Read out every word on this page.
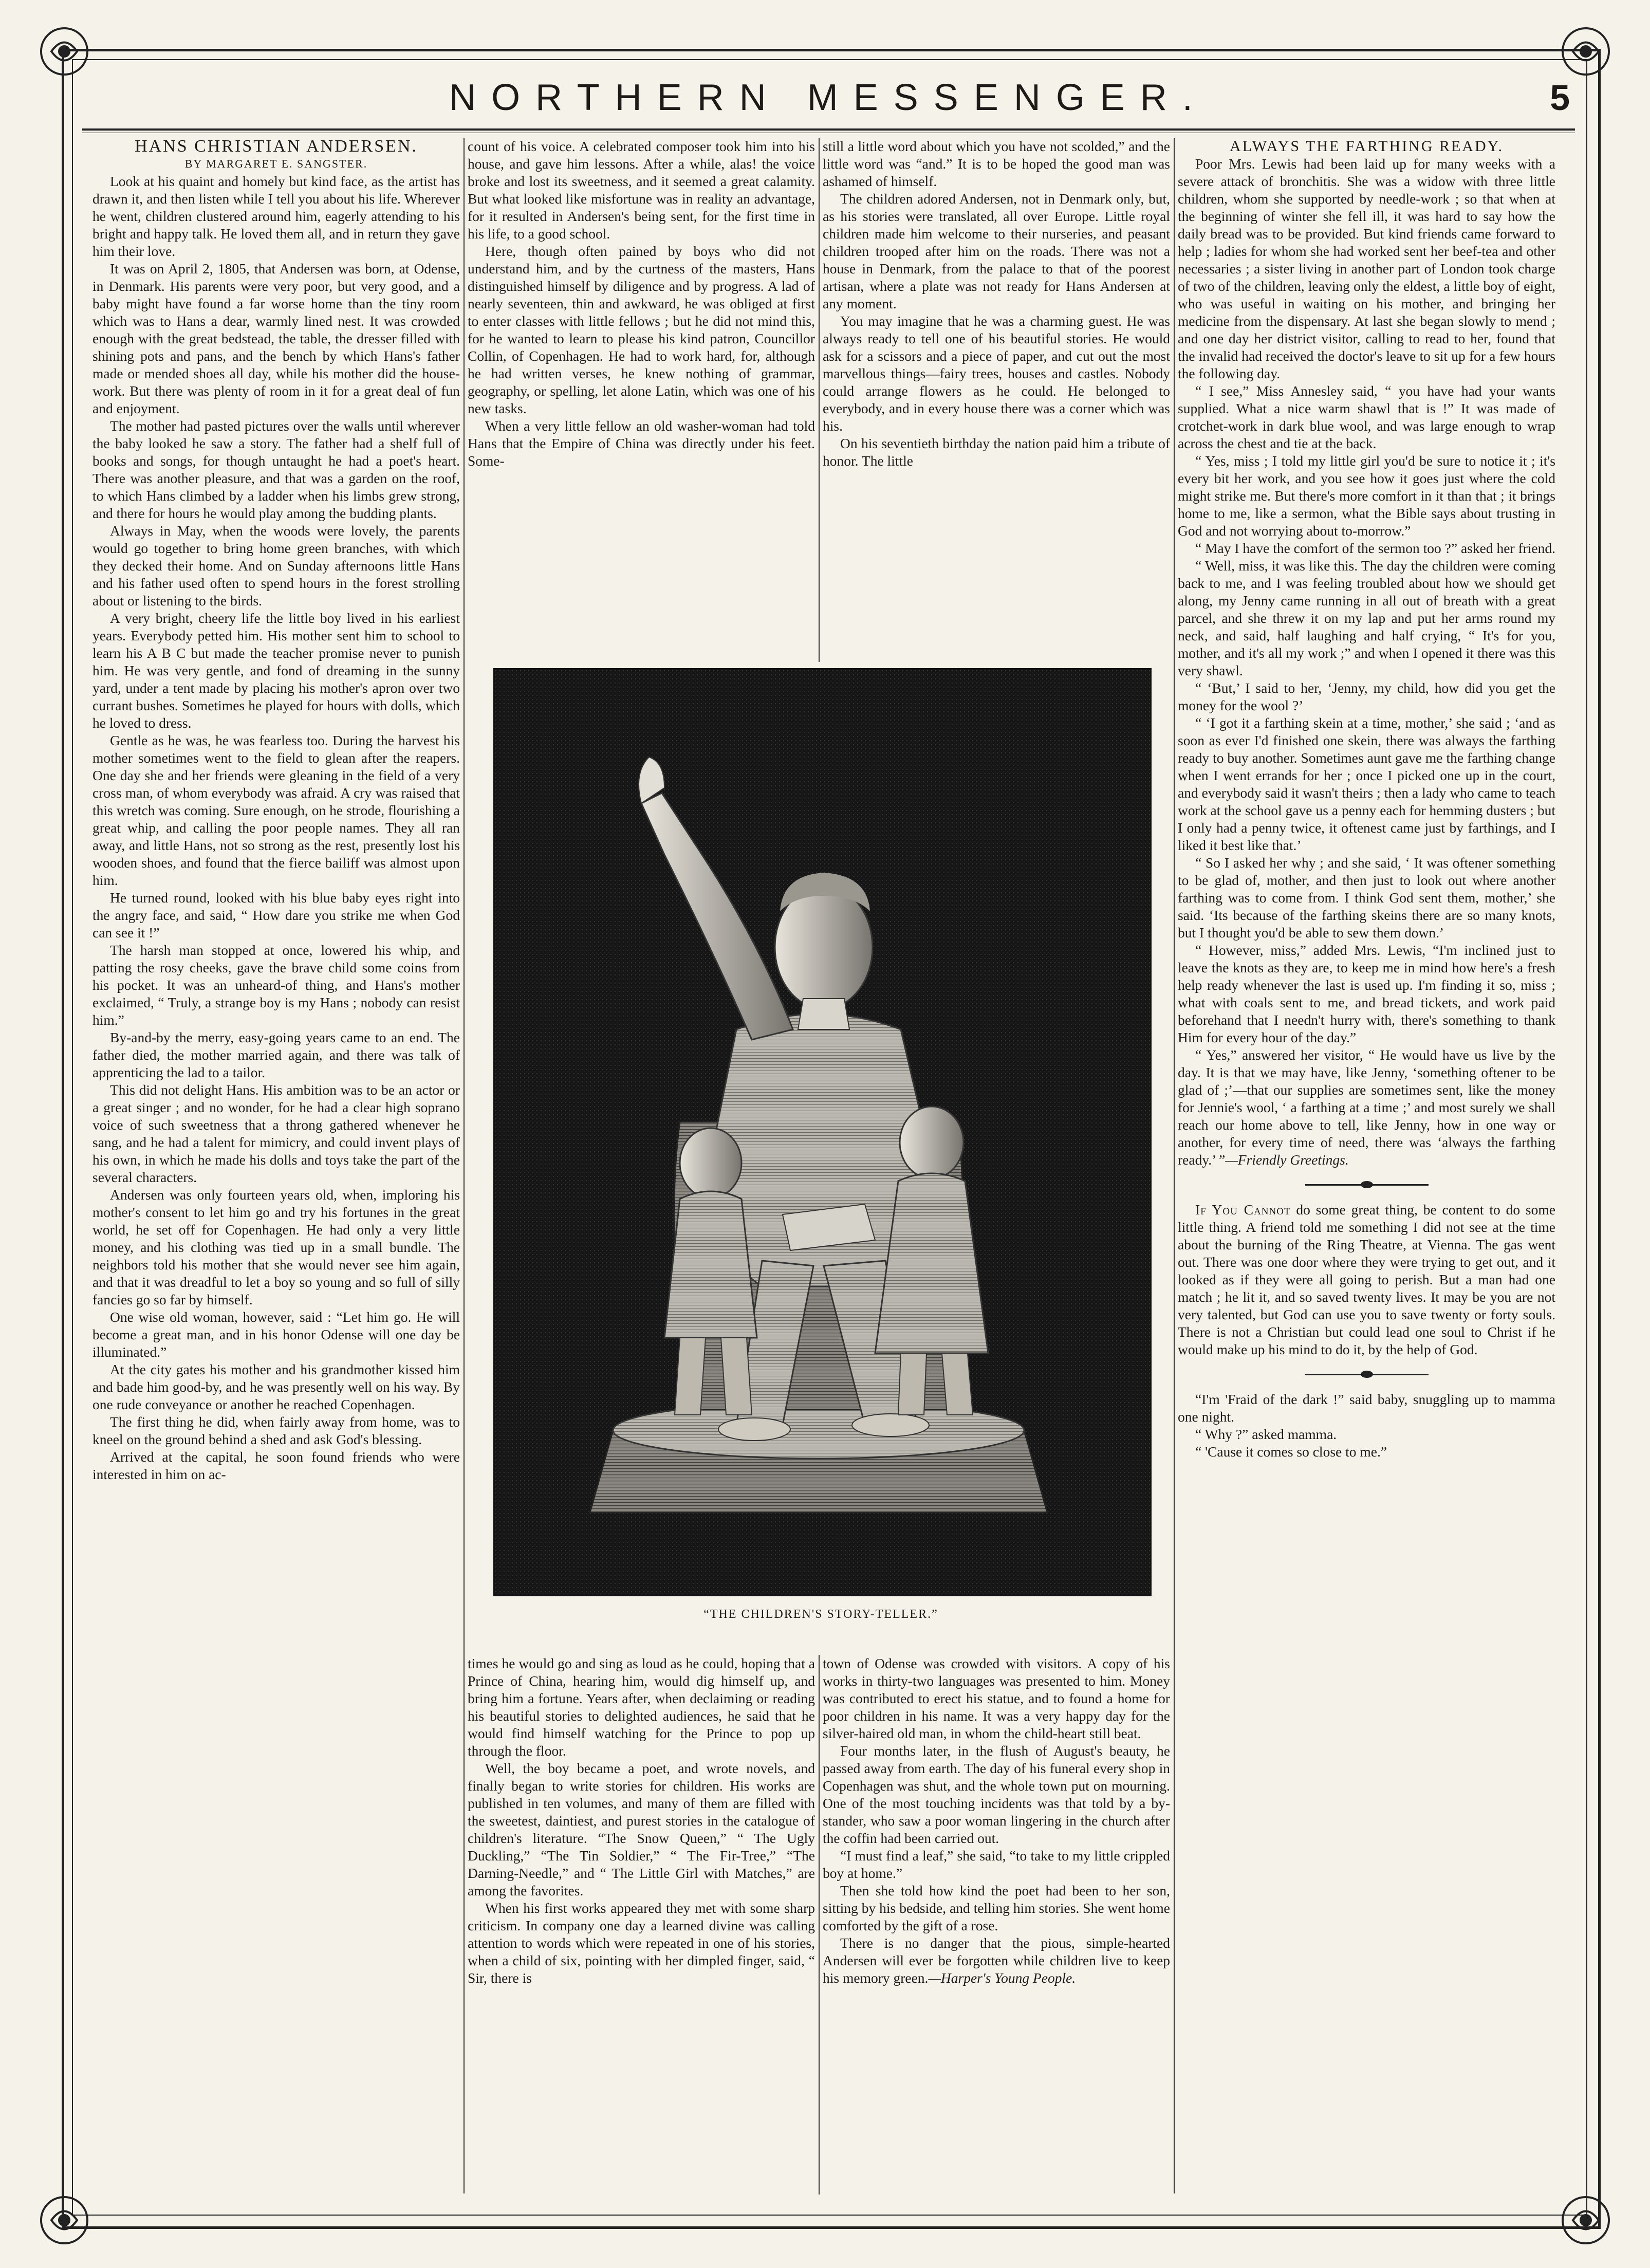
NORTHERN MESSENGER.	5

HANS CHRISTIAN ANDERSEN.

BY MARGARET E. SANGSTER.

Look at his quaint and homely but kind face, as the artist has drawn it, and then listen while I tell you about his life. Wherever he went, children clustered around him, eagerly attending to his bright and happy talk. He loved them all, and in return they gave him their love.

It was on April 2, 1805, that Andersen was born, at Odense, in Denmark. His parents were very poor, but very good, and a baby might have found a far worse home than the tiny room which was to Hans a dear, warmly lined nest. It was crowded enough with the great bedstead, the table, the dresser filled with shining pots and pans, and the bench by which Hans's father made or mended shoes all day, while his mother did the house-work. But there was plenty of room in it for a great deal of fun and enjoyment.

The mother had pasted pictures over the walls until wherever the baby looked he saw a story. The father had a shelf full of books and songs, for though untaught he had a poet's heart. There was another pleasure, and that was a garden on the roof, to which Hans climbed by a ladder when his limbs grew strong, and there for hours he would play among the budding plants.

Always in May, when the woods were lovely, the parents would go together to bring home green branches, with which they decked their home. And on Sunday afternoons little Hans and his father used often to spend hours in the forest strolling about or listening to the birds.

A very bright, cheery life the little boy lived in his earliest years. Everybody petted him. His mother sent him to school to learn his A B C but made the teacher promise never to punish him. He was very gentle, and fond of dreaming in the sunny yard, under a tent made by placing his mother's apron over two currant bushes. Sometimes he played for hours with dolls, which he loved to dress.

Gentle as he was, he was fearless too. During the harvest his mother sometimes went to the field to glean after the reapers. One day she and her friends were gleaning in the field of a very cross man, of whom everybody was afraid. A cry was raised that this wretch was coming. Sure enough, on he strode, flourishing a great whip, and calling the poor people names. They all ran away, and little Hans, not so strong as the rest, presently lost his wooden shoes, and found that the fierce bailiff was almost upon him.

He turned round, looked with his blue baby eyes right into the angry face, and said, “ How dare you strike me when God can see it !”

The harsh man stopped at once, lowered his whip, and patting the rosy cheeks, gave the brave child some coins from his pocket. It was an unheard-of thing, and Hans's mother exclaimed, “ Truly, a strange boy is my Hans ; nobody can resist him.”

By-and-by the merry, easy-going years came to an end. The father died, the mother married again, and there was talk of apprenticing the lad to a tailor.

This did not delight Hans. His ambition was to be an actor or a great singer ; and no wonder, for he had a clear high soprano voice of such sweetness that a throng gathered whenever he sang, and he had a talent for mimicry, and could invent plays of his own, in which he made his dolls and toys take the part of the several characters.

Andersen was only fourteen years old, when, imploring his mother's consent to let him go and try his fortunes in the great world, he set off for Copenhagen. He had only a very little money, and his clothing was tied up in a small bundle. The neighbors told his mother that she would never see him again, and that it was dreadful to let a boy so young and so full of silly fancies go so far by himself.

One wise old woman, however, said : “Let him go. He will become a great man, and in his honor Odense will one day be illuminated.”

At the city gates his mother and his grandmother kissed him and bade him good-by, and he was presently well on his way. By one rude conveyance or another he reached Copenhagen.

The first thing he did, when fairly away from home, was to kneel on the ground behind a shed and ask God's blessing.

Arrived at the capital, he soon found friends who were interested in him on ac-

count of his voice. A celebrated composer took him into his house, and gave him lessons. After a while, alas! the voice broke and lost its sweetness, and it seemed a great calamity. But what looked like misfortune was in reality an advantage, for it resulted in Andersen's being sent, for the first time in his life, to a good school.

Here, though often pained by boys who did not understand him, and by the curtness of the masters, Hans distinguished himself by diligence and by progress. A lad of nearly seventeen, thin and awkward, he was obliged at first to enter classes with little fellows ; but he did not mind this, for he wanted to learn to please his kind patron, Councillor Collin, of Copenhagen. He had to work hard, for, although he had written verses, he knew nothing of grammar, geography, or spelling, let alone Latin, which was one of his new tasks.

When a very little fellow an old washer-woman had told Hans that the Empire of China was directly under his feet. Some-

still a little word about which you have not scolded,” and the little word was “and.” It is to be hoped the good man was ashamed of himself.

The children adored Andersen, not in Denmark only, but, as his stories were translated, all over Europe. Little royal children made him welcome to their nurseries, and peasant children trooped after him on the roads. There was not a house in Denmark, from the palace to that of the poorest artisan, where a plate was not ready for Hans Andersen at any moment.

You may imagine that he was a charming guest. He was always ready to tell one of his beautiful stories. He would ask for a scissors and a piece of paper, and cut out the most marvellous things—fairy trees, houses and castles. Nobody could arrange flowers as he could. He belonged to everybody, and in every house there was a corner which was his.

On his seventieth birthday the nation paid him a tribute of honor. The little

“THE CHILDREN'S STORY-TELLER.”

times he would go and sing as loud as he could, hoping that a Prince of China, hearing him, would dig himself up, and bring him a fortune. Years after, when declaiming or reading his beautiful stories to delighted audiences, he said that he would find himself watching for the Prince to pop up through the floor.

Well, the boy became a poet, and wrote novels, and finally began to write stories for children. His works are published in ten volumes, and many of them are filled with the sweetest, daintiest, and purest stories in the catalogue of children's literature. “The Snow Queen,” “ The Ugly Duckling,” “The Tin Soldier,” “ The Fir-Tree,” “The Darning-Needle,” and “ The Little Girl with Matches,” are among the favorites.

When his first works appeared they met with some sharp criticism. In company one day a learned divine was calling attention to words which were repeated in one of his stories, when a child of six, pointing with her dimpled finger, said, “ Sir, there is

town of Odense was crowded with visitors. A copy of his works in thirty-two languages was presented to him. Money was contributed to erect his statue, and to found a home for poor children in his name. It was a very happy day for the silver-haired old man, in whom the child-heart still beat.

Four months later, in the flush of August's beauty, he passed away from earth. The day of his funeral every shop in Copenhagen was shut, and the whole town put on mourning. One of the most touching incidents was that told by a by-stander, who saw a poor woman lingering in the church after the coffin had been carried out.

“I must find a leaf,” she said, “to take to my little crippled boy at home.”

Then she told how kind the poet had been to her son, sitting by his bedside, and telling him stories. She went home comforted by the gift of a rose.

There is no danger that the pious, simple-hearted Andersen will ever be forgotten while children live to keep his memory green.—Harper's Young People.

ALWAYS THE FARTHING READY.

Poor Mrs. Lewis had been laid up for many weeks with a severe attack of bronchitis. She was a widow with three little children, whom she supported by needle-work ; so that when at the beginning of winter she fell ill, it was hard to say how the daily bread was to be provided. But kind friends came forward to help ; ladies for whom she had worked sent her beef-tea and other necessaries ; a sister living in another part of London took charge of two of the children, leaving only the eldest, a little boy of eight, who was useful in waiting on his mother, and bringing her medicine from the dispensary. At last she began slowly to mend ; and one day her district visitor, calling to read to her, found that the invalid had received the doctor's leave to sit up for a few hours the following day.

“ I see,” Miss Annesley said, “ you have had your wants supplied. What a nice warm shawl that is !” It was made of crotchet-work in dark blue wool, and was large enough to wrap across the chest and tie at the back.

“ Yes, miss ; I told my little girl you'd be sure to notice it ; it's every bit her work, and you see how it goes just where the cold might strike me. But there's more comfort in it than that ; it brings home to me, like a sermon, what the Bible says about trusting in God and not worrying about to-morrow.”

“ May I have the comfort of the sermon too ?” asked her friend.

“ Well, miss, it was like this. The day the children were coming back to me, and I was feeling troubled about how we should get along, my Jenny came running in all out of breath with a great parcel, and she threw it on my lap and put her arms round my neck, and said, half laughing and half crying, “ It's for you, mother, and it's all my work ;” and when I opened it there was this very shawl.

“ ‘But,’ I said to her, ‘Jenny, my child, how did you get the money for the wool ?’

“ ‘I got it a farthing skein at a time, mother,’ she said ; ‘and as soon as ever I'd finished one skein, there was always the farthing ready to buy another. Sometimes aunt gave me the farthing change when I went errands for her ; once I picked one up in the court, and everybody said it wasn't theirs ; then a lady who came to teach work at the school gave us a penny each for hemming dusters ; but I only had a penny twice, it oftenest came just by farthings, and I liked it best like that.’

“ So I asked her why ; and she said, ‘ It was oftener something to be glad of, mother, and then just to look out where another farthing was to come from. I think God sent them, mother,’ she said. ‘Its because of the farthing skeins there are so many knots, but I thought you'd be able to sew them down.’

“ However, miss,” added Mrs. Lewis, “I'm inclined just to leave the knots as they are, to keep me in mind how here's a fresh help ready whenever the last is used up. I'm finding it so, miss ; what with coals sent to me, and bread tickets, and work paid beforehand that I needn't hurry with, there's something to thank Him for every hour of the day.”

“ Yes,” answered her visitor, “ He would have us live by the day. It is that we may have, like Jenny, ‘something oftener to be glad of ;’—that our supplies are sometimes sent, like the money for Jennie's wool, ‘ a farthing at a time ;’ and most surely we shall reach our home above to tell, like Jenny, how in one way or another, for every time of need, there was ‘always the farthing ready.’ ”—Friendly Greetings.

If You Cannot do some great thing, be content to do some little thing. A friend told me something I did not see at the time about the burning of the Ring Theatre, at Vienna. The gas went out. There was one door where they were trying to get out, and it looked as if they were all going to perish. But a man had one match ; he lit it, and so saved twenty lives. It may be you are not very talented, but God can use you to save twenty or forty souls. There is not a Christian but could lead one soul to Christ if he would make up his mind to do it, by the help of God.

“I'm 'Fraid of the dark !” said baby, snuggling up to mamma one night.

“ Why ?” asked mamma.

“ 'Cause it comes so close to me.”
